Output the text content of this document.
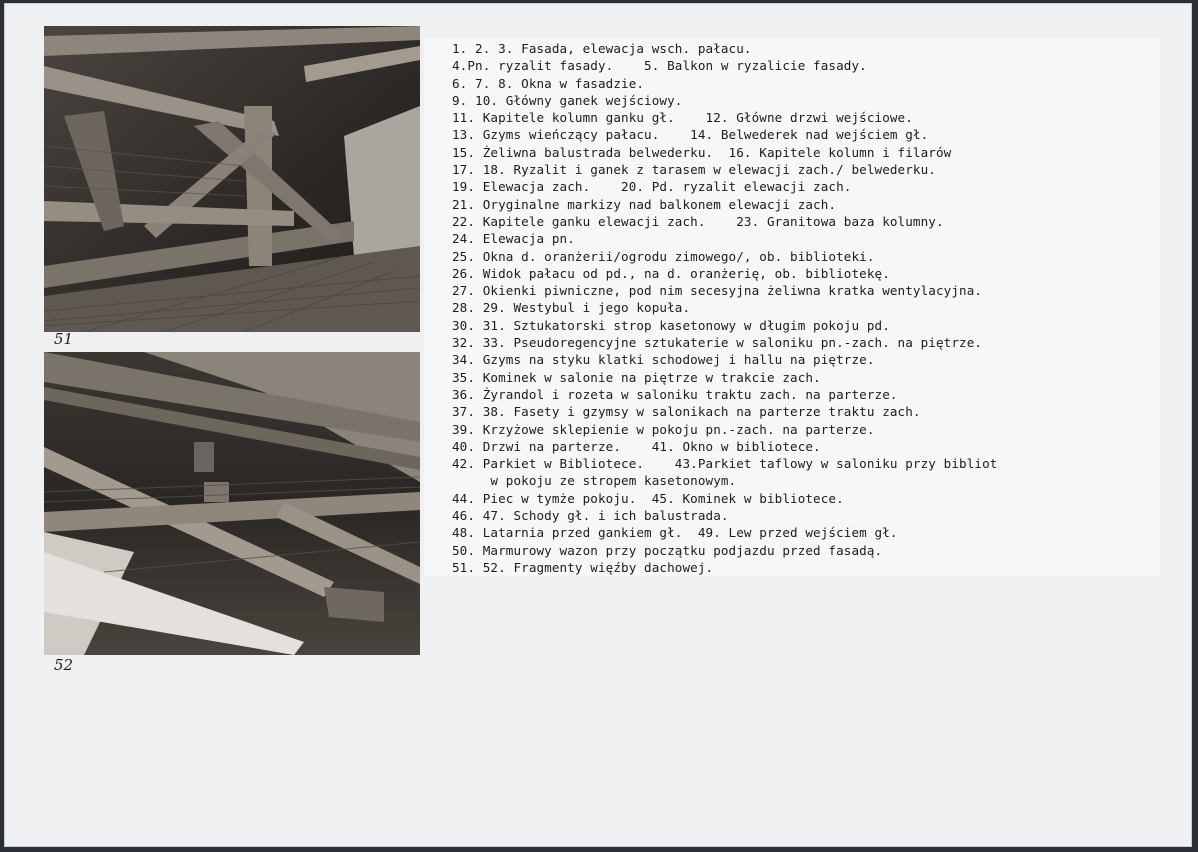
51
52
1. 2. 3. Fasada, elewacja wsch. pałacu.
4.Pn. ryzalit fasady.    5. Balkon w ryzalicie fasady.
6. 7. 8. Okna w fasadzie.
9. 10. Główny ganek wejściowy.
11. Kapitele kolumn ganku gł.    12. Główne drzwi wejściowe.
13. Gzyms wieńczący pałacu.    14. Belwederek nad wejściem gł.
15. Żeliwna balustrada belwederku.  16. Kapitele kolumn i filarów
17. 18. Ryzalit i ganek z tarasem w elewacji zach./ belwederku.
19. Elewacja zach.    20. Pd. ryzalit elewacji zach.
21. Oryginalne markizy nad balkonem elewacji zach.
22. Kapitele ganku elewacji zach.    23. Granitowa baza kolumny.
24. Elewacja pn.
25. Okna d. oranżerii/ogrodu zimowego/, ob. biblioteki.
26. Widok pałacu od pd., na d. oranżerię, ob. bibliotekę.
27. Okienki piwniczne, pod nim secesyjna żeliwna kratka wentylacyjna.
28. 29. Westybul i jego kopuła.
30. 31. Sztukatorski strop kasetonowy w długim pokoju pd.
32. 33. Pseudoregencyjne sztukaterie w saloniku pn.-zach. na piętrze.
34. Gzyms na styku klatki schodowej i hallu na piętrze.
35. Kominek w salonie na piętrze w trakcie zach.
36. Żyrandol i rozeta w saloniku traktu zach. na parterze.
37. 38. Fasety i gzymsy w salonikach na parterze traktu zach.
39. Krzyżowe sklepienie w pokoju pn.-zach. na parterze.
40. Drzwi na parterze.    41. Okno w bibliotece.
42. Parkiet w Bibliotece.    43.Parkiet taflowy w saloniku przy bibliot
w pokoju ze stropem kasetonowym.
44. Piec w tymże pokoju.  45. Kominek w bibliotece.
46. 47. Schody gł. i ich balustrada.
48. Latarnia przed gankiem gł.  49. Lew przed wejściem gł.
50. Marmurowy wazon przy początku podjazdu przed fasadą.
51. 52. Fragmenty więźby dachowej.
